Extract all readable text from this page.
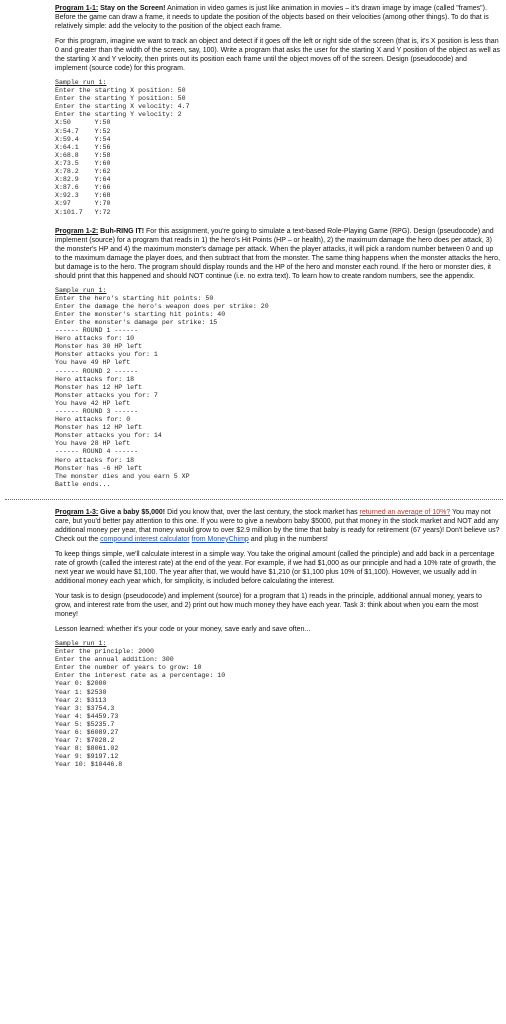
Program 1-1: Stay on the Screen! Animation in video games is just like animation in movies – it's drawn image by image (called "frames"). Before the game can draw a frame, it needs to update the position of the objects based on their velocities (among other things). To do that is relatively simple: add the velocity to the position of the object each frame.

For this program, imagine we want to track an object and detect if it goes off the left or right side of the screen (that is, it's X position is less than 0 and greater than the width of the screen, say, 100). Write a program that asks the user for the starting X and Y position of the object as well as the starting X and Y velocity, then prints out its position each frame until the object moves off of the screen. Design (pseudocode) and implement (source code) for this program.

Sample run 1:
Enter the starting X position: 50
Enter the starting Y position: 50
Enter the starting X velocity: 4.7
Enter the starting Y velocity: 2
X:50      Y:50
X:54.7    Y:52
X:59.4    Y:54
X:64.1    Y:56
X:68.8    Y:58
X:73.5    Y:60
X:78.2    Y:62
X:82.9    Y:64
X:87.6    Y:66
X:92.3    Y:68
X:97      Y:70
X:101.7   Y:72

Program 1-2: Buh-RING IT! For this assignment, you're going to simulate a text-based Role-Playing Game (RPG). Design (pseudocode) and implement (source) for a program that reads in 1) the hero's Hit Points (HP – or health), 2) the maximum damage the hero does per attack, 3) the monster's HP and 4) the maximum monster's damage per attack. When the player attacks, it will pick a random number between 0 and up to the maximum damage the player does, and then subtract that from the monster. The same thing happens when the monster attacks the hero, but damage is to the hero. The program should display rounds and the HP of the hero and monster each round. If the hero or monster dies, it should print that this happened and should NOT continue (i.e. no extra text). To learn how to create random numbers, see the appendix.

Sample run 1:
Enter the hero's starting hit points: 50
Enter the damage the hero's weapon does per strike: 20
Enter the monster's starting hit points: 40
Enter the monster's damage per strike: 15
------ ROUND 1 ------
Hero attacks for: 10
Monster has 30 HP left
Monster attacks you for: 1
You have 49 HP left
------ ROUND 2 ------
Hero attacks for: 18
Monster has 12 HP left
Monster attacks you for: 7
You have 42 HP left
------ ROUND 3 ------
Hero attacks for: 0
Monster has 12 HP left
Monster attacks you for: 14
You have 28 HP left
------ ROUND 4 ------
Hero attacks for: 18
Monster has -6 HP left
The monster dies and you earn 5 XP
Battle ends...

Program 1-3: Give a baby $5,000! Did you know that, over the last century, the stock market has returned an average of 10%? You may not care, but you'd better pay attention to this one. If you were to give a newborn baby $5000, put that money in the stock market and NOT add any additional money per year, that money would grow to over $2.9 million by the time that baby is ready for retirement (67 years)! Don't believe us? Check out the compound interest calculator from MoneyChimp and plug in the numbers!

To keep things simple, we'll calculate interest in a simple way. You take the original amount (called the principle) and add back in a percentage rate of growth (called the interest rate) at the end of the year. For example, if we had $1,000 as our principle and had a 10% rate of growth, the next year we would have $1,100. The year after that, we would have $1,210 (or $1,100 plus 10% of $1,100). However, we usually add in additional money each year which, for simplicity, is included before calculating the interest.

Your task is to design (pseudocode) and implement (source) for a program that 1) reads in the principle, additional annual money, years to grow, and interest rate from the user, and 2) print out how much money they have each year. Task 3: think about when you earn the most money!

Lesson learned: whether it's your code or your money, save early and save often...

Sample run 1:
Enter the principle: 2000
Enter the annual addition: 300
Enter the number of years to grow: 10
Enter the interest rate as a percentage: 10
Year 0: $2000
Year 1: $2530
Year 2: $3113
Year 3: $3754.3
Year 4: $4459.73
Year 5: $5235.7
Year 6: $6089.27
Year 7: $7028.2
Year 8: $8061.02
Year 9: $9197.12
Year 10: $10446.8
